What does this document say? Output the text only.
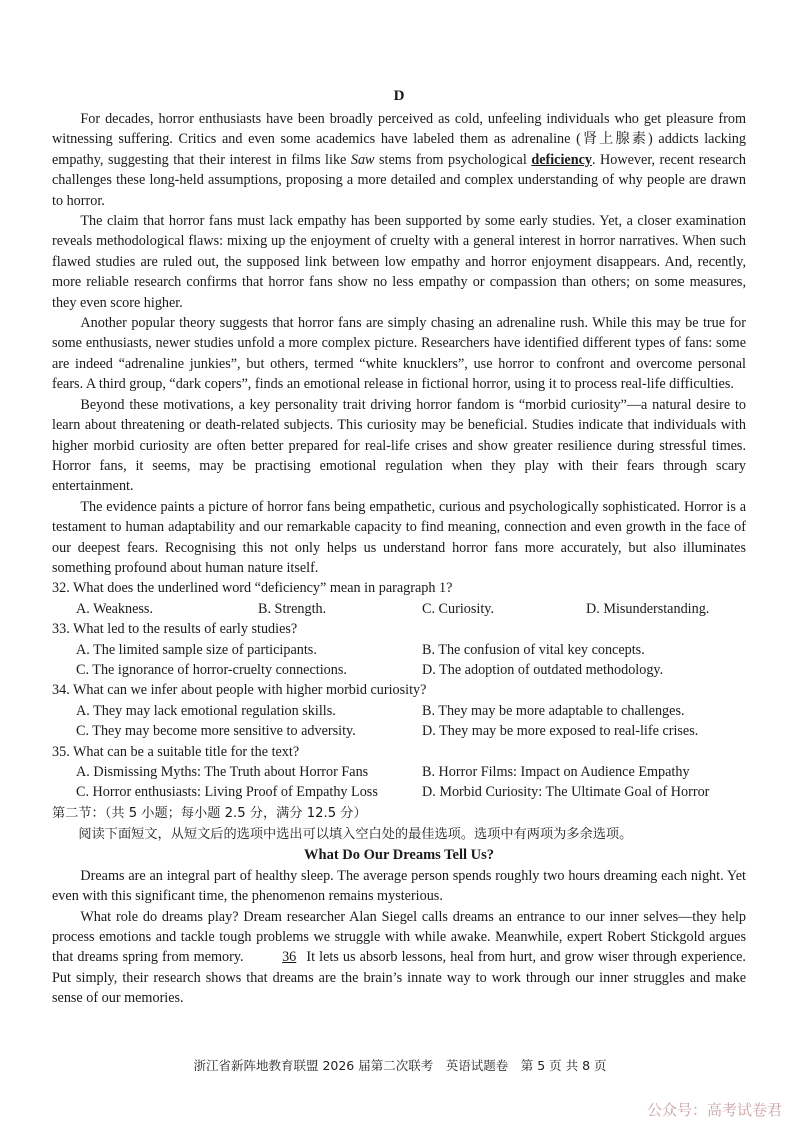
D

For decades, horror enthusiasts have been broadly perceived as cold, unfeeling individuals who get pleasure from witnessing suffering. Critics and even some academics have labeled them as adrenaline (肾上腺素) addicts lacking empathy, suggesting that their interest in films like Saw stems from psychological deficiency. However, recent research challenges these long-held assumptions, proposing a more detailed and complex understanding of why people are drawn to horror.

The claim that horror fans must lack empathy has been supported by some early studies. Yet, a closer examination reveals methodological flaws: mixing up the enjoyment of cruelty with a general interest in horror narratives. When such flawed studies are ruled out, the supposed link between low empathy and horror enjoyment disappears. And, recently, more reliable research confirms that horror fans show no less empathy or compassion than others; on some measures, they even score higher.

Another popular theory suggests that horror fans are simply chasing an adrenaline rush. While this may be true for some enthusiasts, newer studies unfold a more complex picture. Researchers have identified different types of fans: some are indeed “adrenaline junkies”, but others, termed “white knucklers”, use horror to confront and overcome personal fears. A third group, “dark copers”, finds an emotional release in fictional horror, using it to process real-life difficulties.

Beyond these motivations, a key personality trait driving horror fandom is “morbid curiosity”—a natural desire to learn about threatening or death-related subjects. This curiosity may be beneficial. Studies indicate that individuals with higher morbid curiosity are often better prepared for real-life crises and show greater resilience during stressful times. Horror fans, it seems, may be practising emotional regulation when they play with their fears through scary entertainment.

The evidence paints a picture of horror fans being empathetic, curious and psychologically sophisticated. Horror is a testament to human adaptability and our remarkable capacity to find meaning, connection and even growth in the face of our deepest fears. Recognising this not only helps us understand horror fans more accurately, but also illuminates something profound about human nature itself.

32. What does the underlined word “deficiency” mean in paragraph 1?
A. Weakness.	B. Strength.	C. Curiosity.	D. Misunderstanding.
33. What led to the results of early studies?
A. The limited sample size of participants.	B. The confusion of vital key concepts.
C. The ignorance of horror-cruelty connections.	D. The adoption of outdated methodology.
34. What can we infer about people with higher morbid curiosity?
A. They may lack emotional regulation skills.	B. They may be more adaptable to challenges.
C. They may become more sensitive to adversity.	D. They may be more exposed to real-life crises.
35. What can be a suitable title for the text?
A. Dismissing Myths: The Truth about Horror Fans	B. Horror Films: Impact on Audience Empathy
C. Horror enthusiasts: Living Proof of Empathy Loss	D. Morbid Curiosity: The Ultimate Goal of Horror
第二节：（共 5 小题；每小题 2.5 分，满分 12.5 分）
阅读下面短文，从短文后的选项中选出可以填入空白处的最佳选项。选项中有两项为多余选项。
What Do Our Dreams Tell Us?

Dreams are an integral part of healthy sleep. The average person spends roughly two hours dreaming each night. Yet even with this significant time, the phenomenon remains mysterious.

What role do dreams play? Dream researcher Alan Siegel calls dreams an entrance to our inner selves—they help process emotions and tackle tough problems we struggle with while awake. Meanwhile, expert Robert Stickgold argues that dreams spring from memory. 36 It lets us absorb lessons, heal from hurt, and grow wiser through experience. Put simply, their research shows that dreams are the brain’s innate way to work through our inner struggles and make sense of our memories.

浙江省新阵地教育联盟 2026 届第二次联考　英语试题卷　第 5 页 共 8 页
公众号：高考试卷君
